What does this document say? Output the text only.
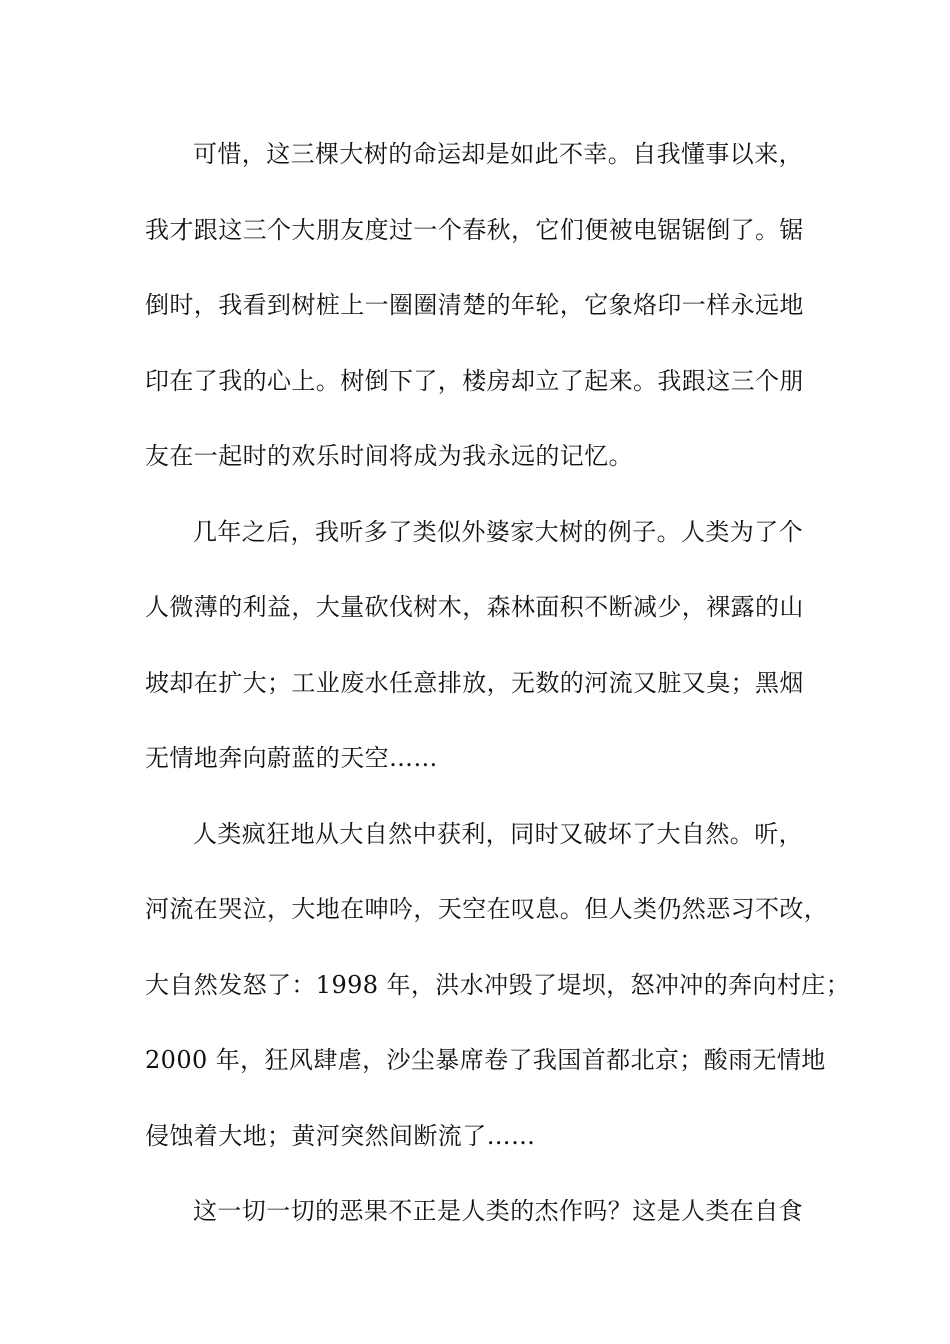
可惜，这三棵大树的命运却是如此不幸。自我懂事以来，
我才跟这三个大朋友度过一个春秋，它们便被电锯锯倒了。锯
倒时，我看到树桩上一圈圈清楚的年轮，它象烙印一样永远地
印在了我的心上。树倒下了，楼房却立了起来。我跟这三个朋
友在一起时的欢乐时间将成为我永远的记忆。
几年之后，我听多了类似外婆家大树的例子。人类为了个
人微薄的利益，大量砍伐树木，森林面积不断减少，裸露的山
坡却在扩大；工业废水任意排放，无数的河流又脏又臭；黑烟
无情地奔向蔚蓝的天空……
人类疯狂地从大自然中获利，同时又破坏了大自然。听，
河流在哭泣，大地在呻吟，天空在叹息。但人类仍然恶习不改，
大自然发怒了：1998 年，洪水冲毁了堤坝，怒冲冲的奔向村庄；
2000 年，狂风肆虐，沙尘暴席卷了我国首都北京；酸雨无情地
侵蚀着大地；黄河突然间断流了……
这一切一切的恶果不正是人类的杰作吗？这是人类在自食
